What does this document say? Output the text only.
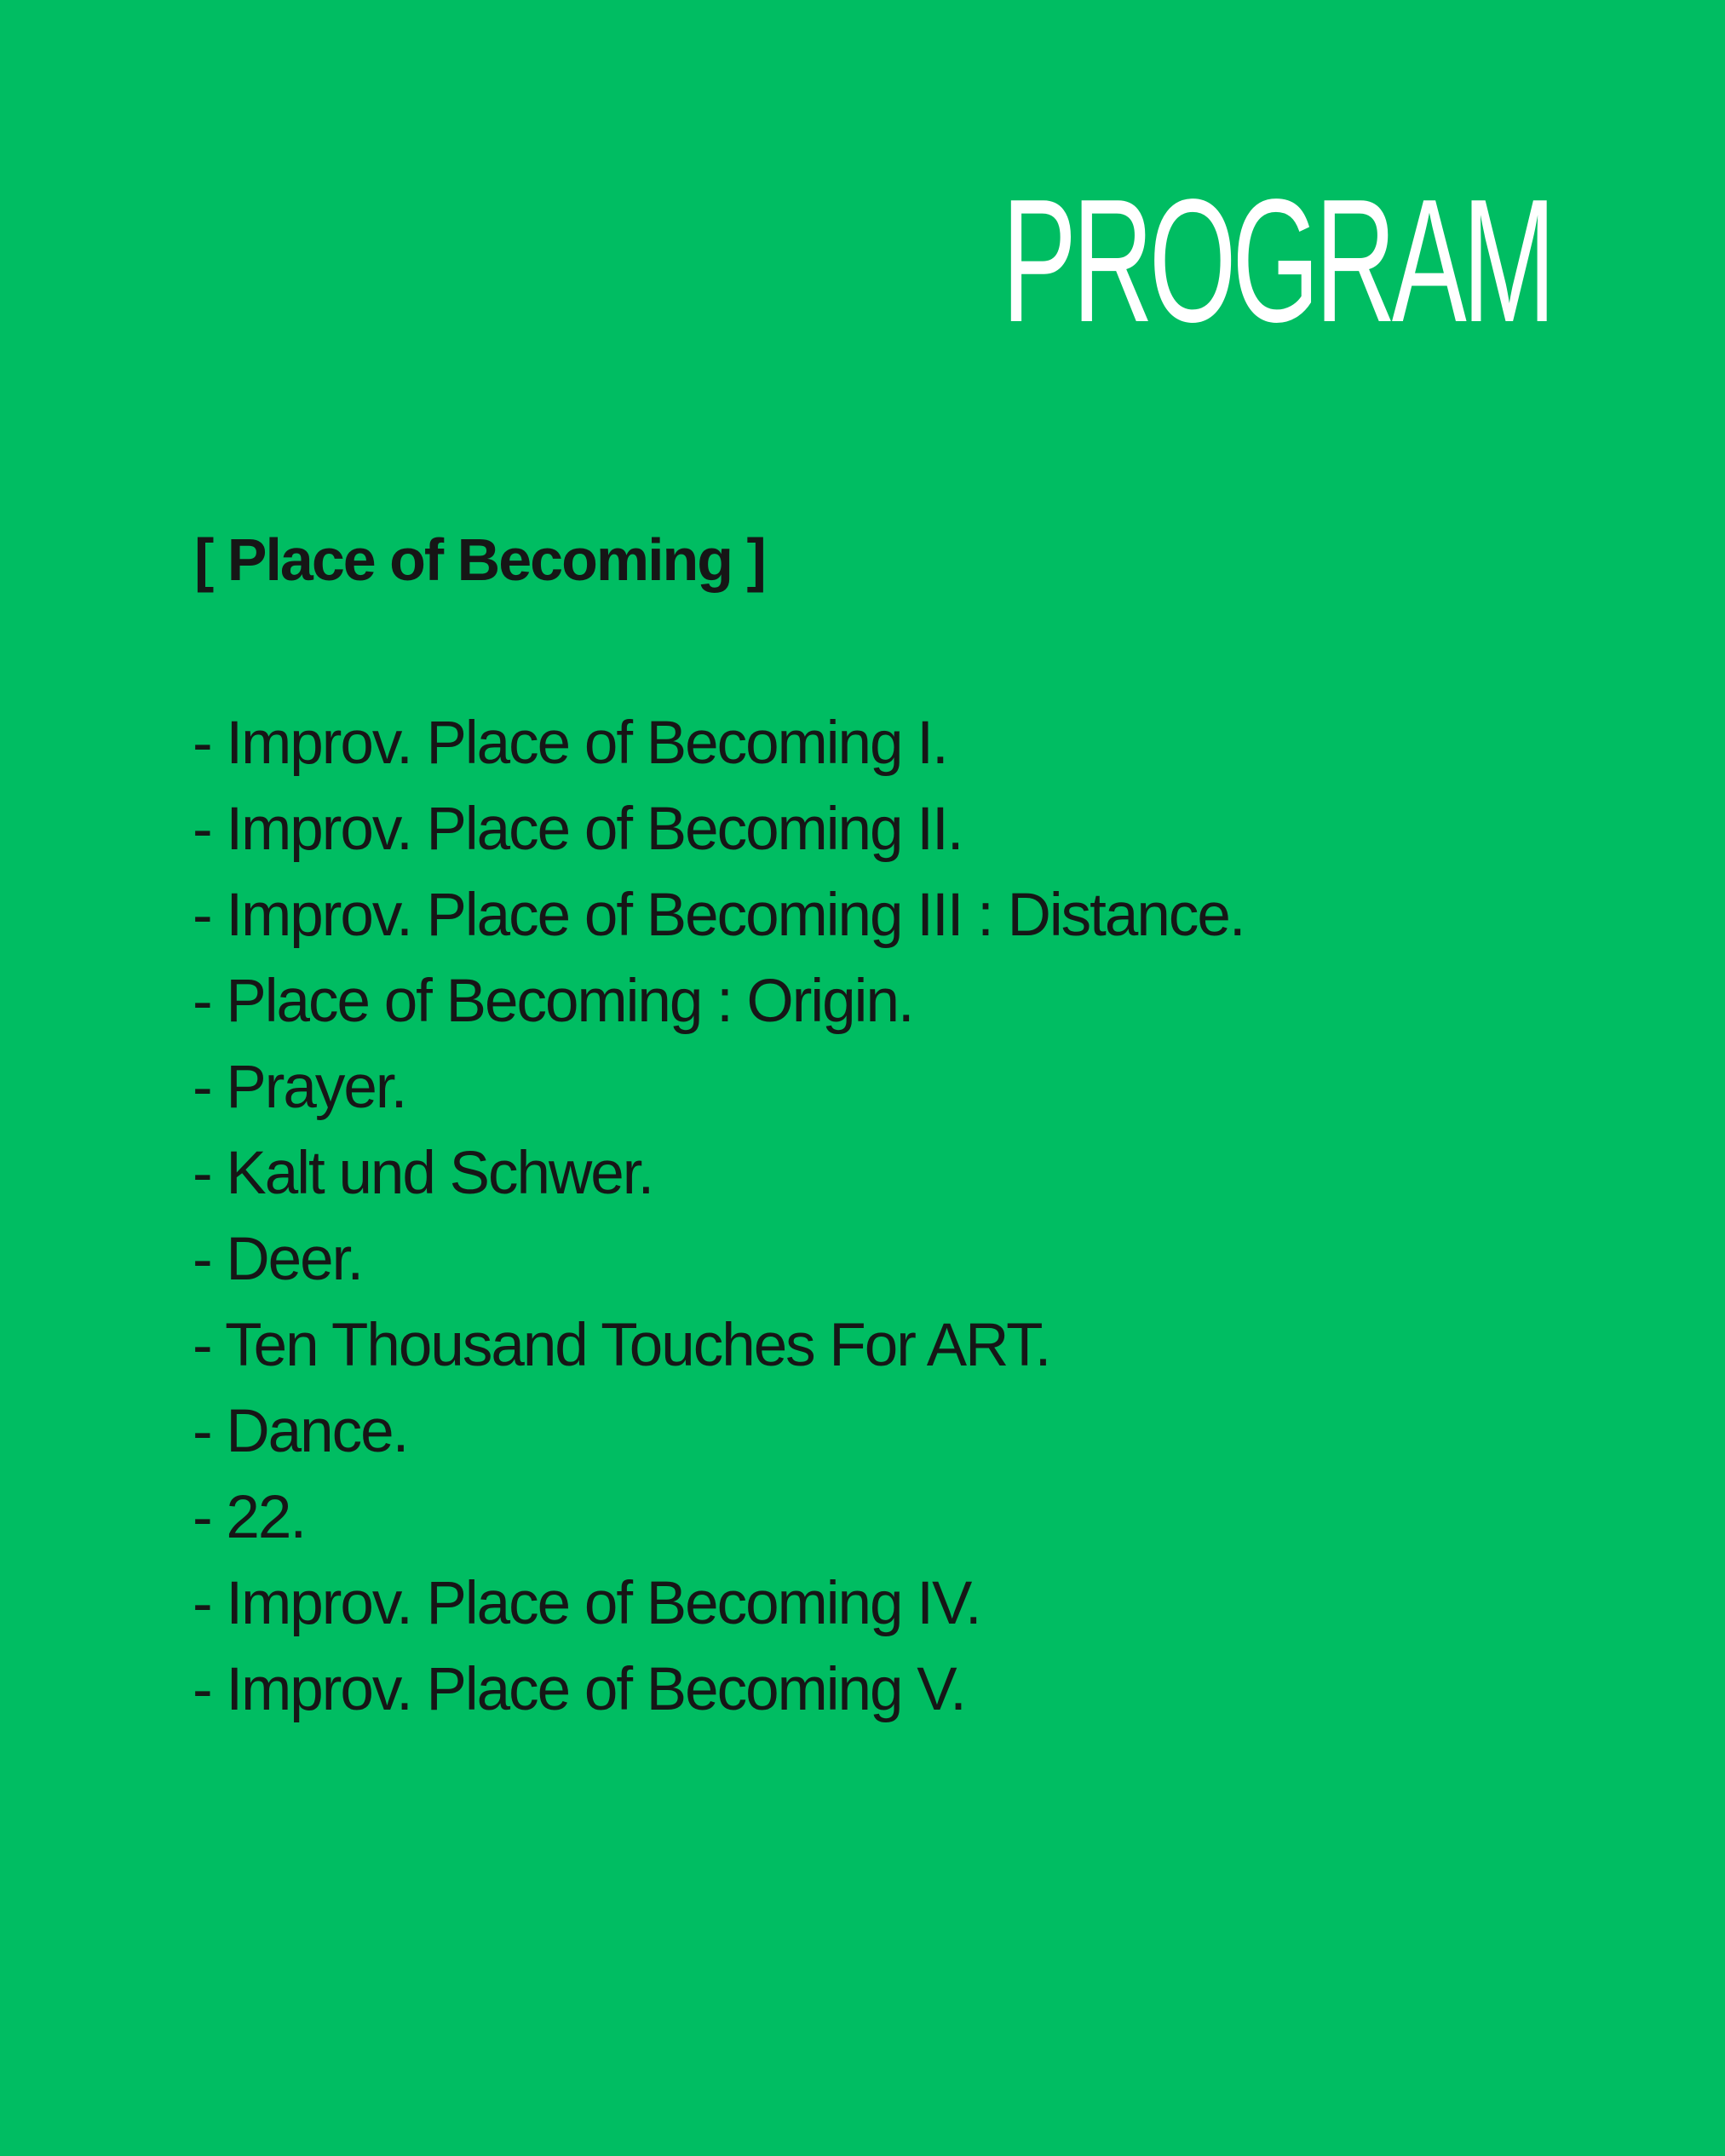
PROGRAM
[ Place of Becoming ]
- Improv. Place of Becoming I.
- Improv. Place of Becoming II.
- Improv. Place of Becoming III : Distance.
- Place of Becoming : Origin.
- Prayer.
- Kalt und Schwer.
- Deer.
- Ten Thousand Touches For ART.
- Dance.
- 22.
- Improv. Place of Becoming IV.
- Improv. Place of Becoming V.
